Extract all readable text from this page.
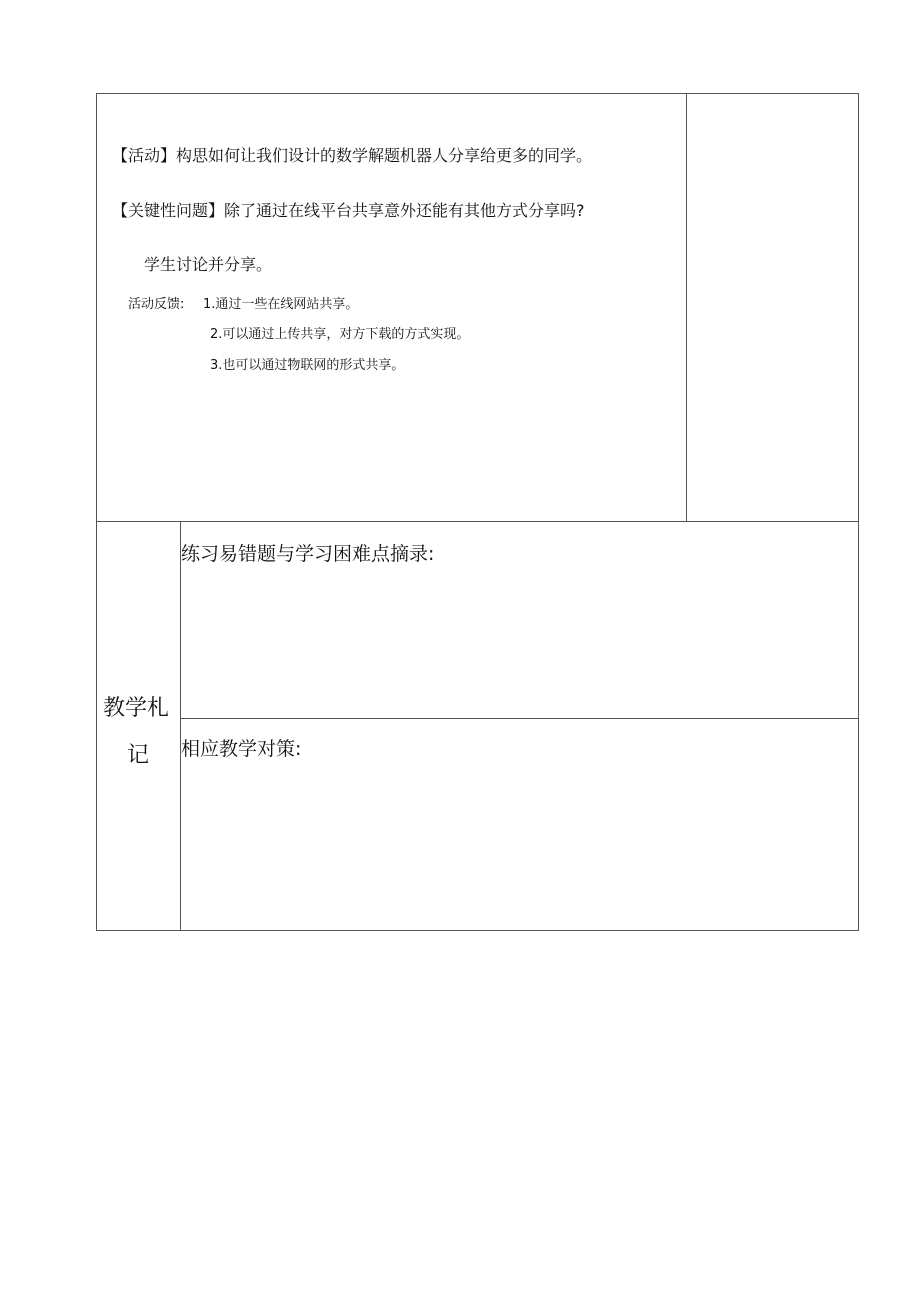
【活动】构思如何让我们设计的数学解题机器人分享给更多的同学。
【关键性问题】除了通过在线平台共享意外还能有其他方式分享吗?
学生讨论并分享。
活动反馈: 1.通过一些在线网站共享。
2.可以通过上传共享，对方下载的方式实现。
3.也可以通过物联网的形式共享。
教学札
记
练习易错题与学习困难点摘录:
相应教学对策:
